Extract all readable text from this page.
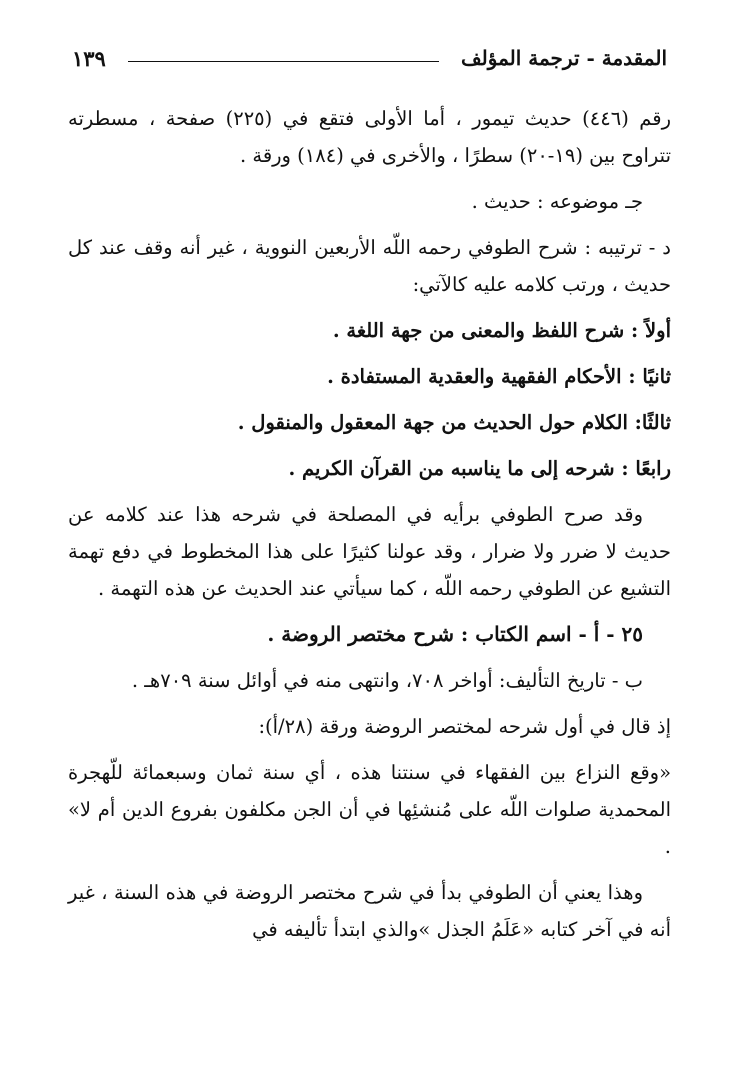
المقدمة - ترجمة المؤلف
١٣٩

رقم (٤٤٦) حديث تيمور ، أما الأولى فتقع في (٢٢٥) صفحة ، مسطرته تتراوح بين (١٩-٢٠) سطرًا ، والأخرى في (١٨٤) ورقة .

جـ موضوعه : حديث .

د - ترتيبه : شرح الطوفي رحمه اللّه الأربعين النووية ، غير أنه وقف عند كل حديث ، ورتب كلامه عليه كالآتي:

أولاً : شرح اللفظ والمعنى من جهة اللغة .

ثانيًا : الأحكام الفقهية والعقدية المستفادة .

ثالثًا: الكلام حول الحديث من جهة المعقول والمنقول .

رابعًا : شرحه إلى ما يناسبه من القرآن الكريم .

وقد صرح الطوفي برأيه في المصلحة في شرحه هذا عند كلامه عن حديث لا ضرر ولا ضرار ، وقد عولنا كثيرًا على هذا المخطوط في دفع تهمة التشيع عن الطوفي رحمه اللّه ، كما سيأتي عند الحديث عن هذه التهمة .

٢٥ - أ - اسم الكتاب : شرح مختصر الروضة .

ب - تاريخ التأليف: أواخر ٧٠٨، وانتهى منه في أوائل سنة ٧٠٩هـ .

إذ قال في أول شرحه لمختصر الروضة ورقة (٢٨/أ):

«وقع النزاع بين الفقهاء في سنتنا هذه ، أي سنة ثمان وسبعمائة للّهجرة المحمدية صلوات اللّه على مُنشئِها في أن الجن مكلفون بفروع الدين أم لا» .

وهذا يعني أن الطوفي بدأ في شرح مختصر الروضة في هذه السنة ، غير أنه في آخر كتابه «عَلَمُ الجذل »والذي ابتدأ تأليفه في
